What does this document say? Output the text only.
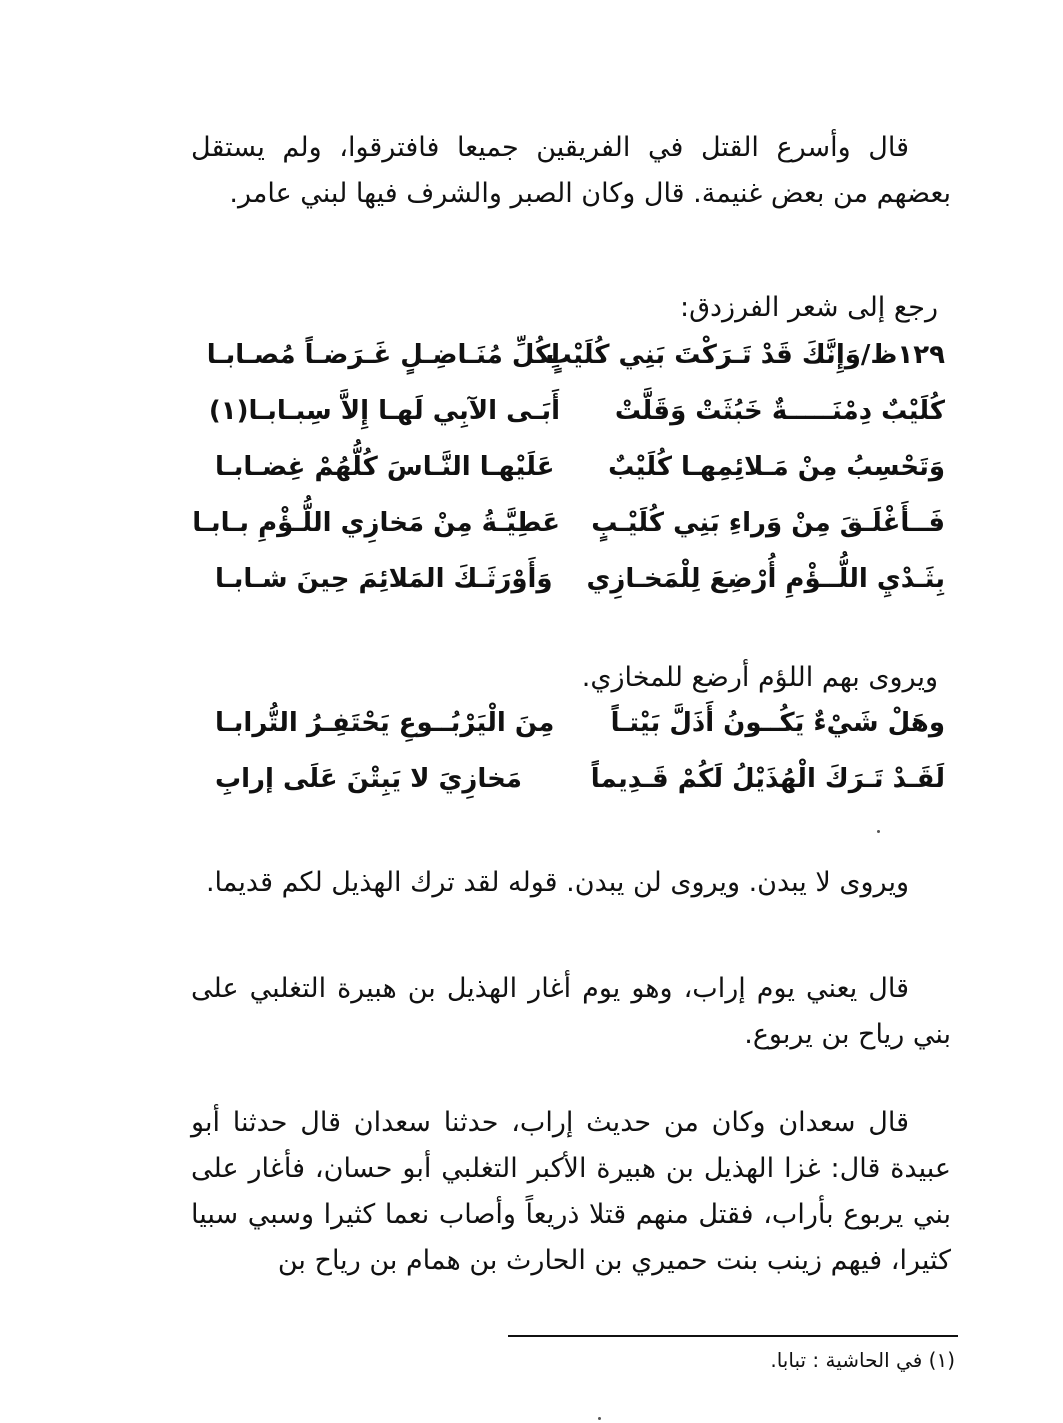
قال وأسرع القتل في الفريقين جميعا فافترقوا، ولم يستقل بعضهم من بعض غنيمة. قال وكان الصبر والشرف فيها لبني عامر.

رجع إلى شعر الفرزدق:

١٢٩ظ/وَإِنَّكَ قَدْ تَـرَكْتَ بَنِي كُلَيْبٍ
لِكُلِّ مُنَـاضِـلٍ غَـرَضـاً مُصـابـا
كُلَيْبٌ دِمْنَـــــةٌ خَبُثَتْ وَقَلَّتْ
أَبَـى الآبِي لَهـا إِلاَّ سِبـابـا(١)
وَتَحْسِبُ مِنْ مَـلائِمِهـا كُلَيْبٌ
عَلَيْهـا النَّـاسَ كُلُّهُمْ غِضـابـا
فَــأَغْلَـقَ مِنْ وَراءِ بَنِي كُلَيْـبٍ
عَطِيَّـةُ مِنْ مَخازِي اللُّـؤْمِ بـابـا
بِثَـدْيِ اللُّــؤْمِ أُرْضِعَ لِلْمَخـازِي
وَأَوْرَثَـكَ المَلائِمَ حِينَ شـابـا

ويروى بهم اللؤم أرضع للمخازي.

وهَلْ شَيْءٌ يَكُــونُ أَذَلَّ بَيْتـاً
مِنَ الْيَرْبُــوعِ يَحْتَفِـرُ التُّرابـا
لَقَـدْ تَـرَكَ الْهُذَيْلُ لَكُمْ قَـدِيماً
مَخازِيَ لا يَبِتْنَ عَلَى إرابِ

ويروى لا يبدن. ويروى لن يبدن. قوله لقد ترك الهذيل لكم قديما.

قال يعني يوم إراب، وهو يوم أغار الهذيل بن هبيرة التغلبي على بني رياح بن يربوع.

قال سعدان وكان من حديث إراب، حدثنا سعدان قال حدثنا أبو عبيدة قال: غزا الهذيل بن هبيرة الأكبر التغلبي أبو حسان، فأغار على بني يربوع بأراب، فقتل منهم قتلا ذريعاً وأصاب نعما كثيرا وسبي سبيا كثيرا، فيهم زينب بنت حميري بن الحارث بن همام بن رياح بن

(١) في الحاشية : تبابا.
